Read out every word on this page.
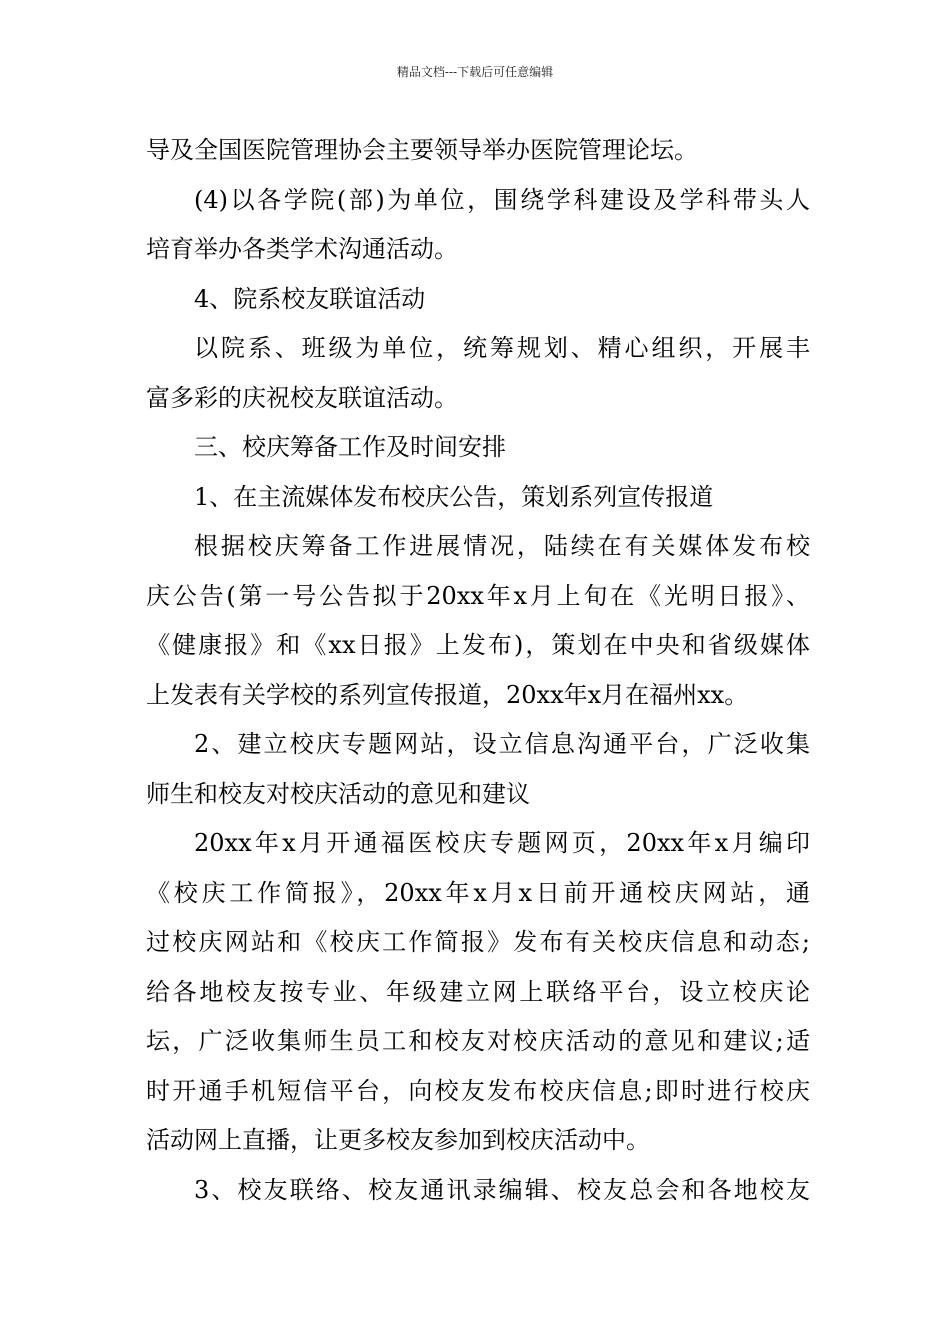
精品文档---下载后可任意编辑
导及全国医院管理协会主要领导举办医院管理论坛。
(4)以各学院(部)为单位，围绕学科建设及学科带头人
培育举办各类学术沟通活动。
4、院系校友联谊活动
以院系、班级为单位，统筹规划、精心组织，开展丰
富多彩的庆祝校友联谊活动。
三、校庆筹备工作及时间安排
1、在主流媒体发布校庆公告，策划系列宣传报道
根据校庆筹备工作进展情况，陆续在有关媒体发布校
庆公告(第一号公告拟于20xx年x月上旬在《光明日报》、
《健康报》和《xx日报》上发布)，策划在中央和省级媒体
上发表有关学校的系列宣传报道，20xx年x月在福州xx。
2、建立校庆专题网站，设立信息沟通平台，广泛收集
师生和校友对校庆活动的意见和建议
20xx年x月开通福医校庆专题网页，20xx年x月编印
《校庆工作简报》，20xx年x月x日前开通校庆网站，通
过校庆网站和《校庆工作简报》发布有关校庆信息和动态;
给各地校友按专业、年级建立网上联络平台，设立校庆论
坛，广泛收集师生员工和校友对校庆活动的意见和建议;适
时开通手机短信平台，向校友发布校庆信息;即时进行校庆
活动网上直播，让更多校友参加到校庆活动中。
3、校友联络、校友通讯录编辑、校友总会和各地校友
